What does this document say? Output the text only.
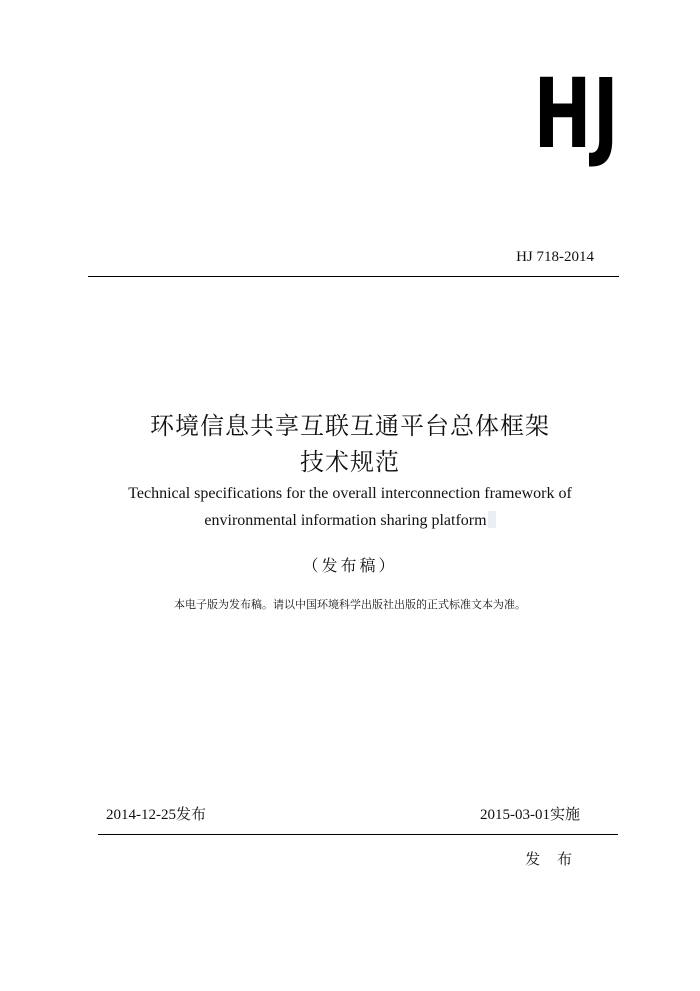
HJ
HJ 718-2014
环境信息共享互联互通平台总体框架
技术规范
Technical specifications for the overall interconnection framework of
environmental information sharing platform
（发布稿）
本电子版为发布稿。请以中国环境科学出版社出版的正式标准文本为准。
2014-12-25发布	2015-03-01实施
发 布
